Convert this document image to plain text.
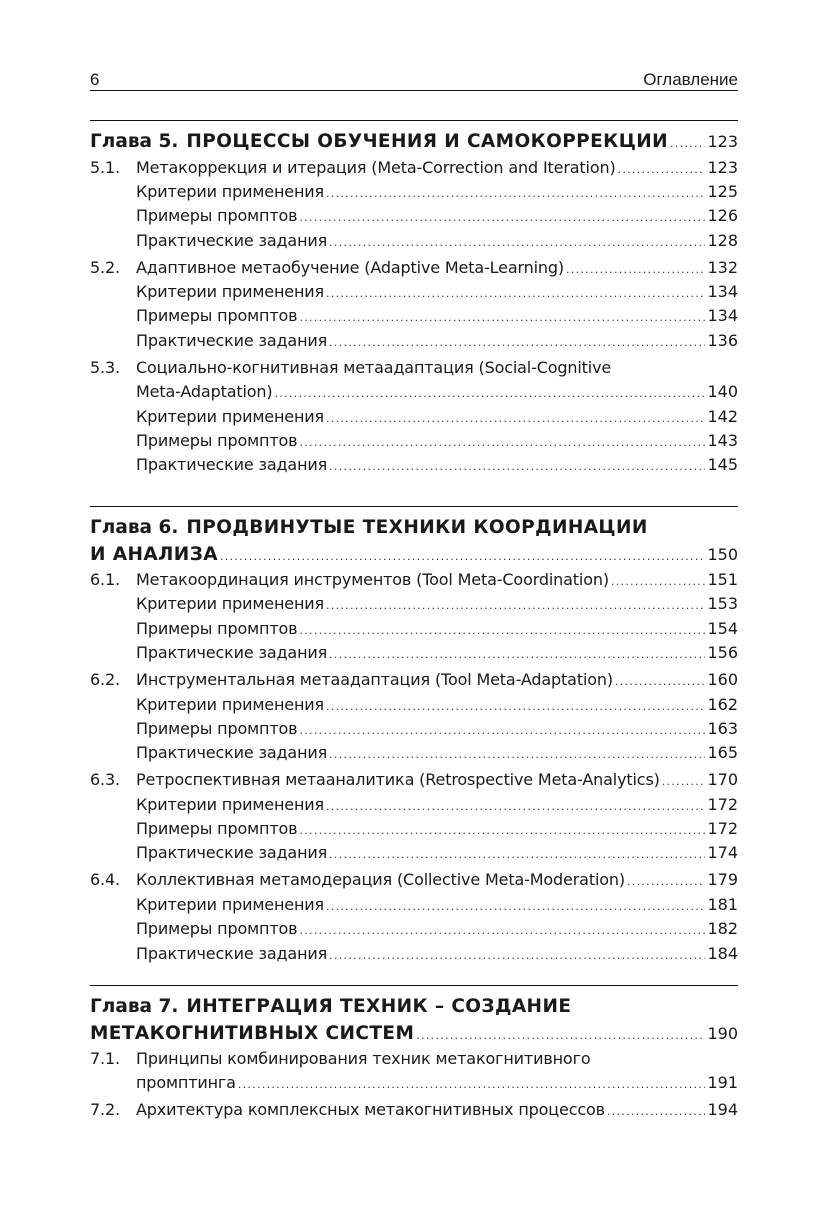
6	Оглавление
Глава 5. ПРОЦЕССЫ ОБУЧЕНИЯ И САМОКОРРЕКЦИИ ..... 123
5.1.	Метакоррекция и итерация (Meta-Correction and Iteration) .....	123
Критерии применения .....	125
Примеры промптов .....	126
Практические задания .....	128
5.2.	Адаптивное метаобучение (Adaptive Meta-Learning) .....	132
Критерии применения .....	134
Примеры промптов .....	134
Практические задания .....	136
5.3.	Социально-когнитивная метаадаптация (Social-Cognitive
Meta-Adaptation) .....	140
Критерии применения .....	142
Примеры промптов .....	143
Практические задания .....	145
Глава 6. ПРОДВИНУТЫЕ ТЕХНИКИ КООРДИНАЦИИ
И АНАЛИЗА .....	150
6.1.	Метакоординация инструментов (Tool Meta-Coordination) .....	151
Критерии применения .....	153
Примеры промптов .....	154
Практические задания .....	156
6.2.	Инструментальная метаадаптация (Tool Meta-Adaptation) .....	160
Критерии применения .....	162
Примеры промптов .....	163
Практические задания .....	165
6.3.	Ретроспективная метааналитика (Retrospective Meta-Analytics) .....	170
Критерии применения .....	172
Примеры промптов .....	172
Практические задания .....	174
6.4.	Коллективная метамодерация (Collective Meta-Moderation) .....	179
Критерии применения .....	181
Примеры промптов .....	182
Практические задания .....	184
Глава 7. ИНТЕГРАЦИЯ ТЕХНИК – СОЗДАНИЕ
МЕТАКОГНИТИВНЫХ СИСТЕМ .....	190
7.1.	Принципы комбинирования техник метакогнитивного
промптинга .....	191
7.2.	Архитектура комплексных метакогнитивных процессов .....	194
